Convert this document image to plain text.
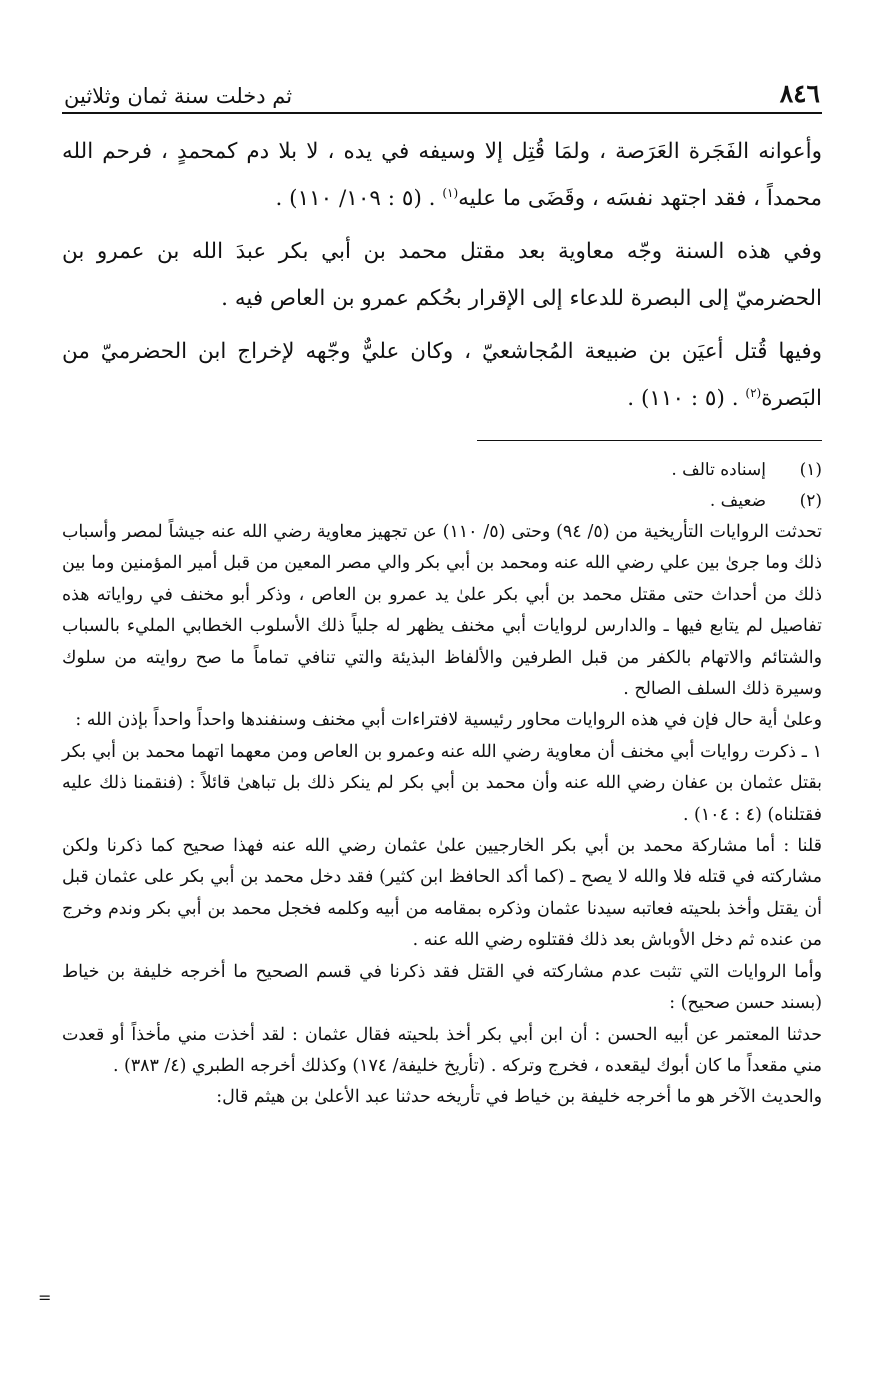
٨٤٦
ثم دخلت سنة ثمان وثلاثين

وأعوانه الفَجَرة العَرَصة ، ولمَا قُتِل إلا وسيفه في يده ، لا بلا دم كمحمدٍ ، فرحم الله محمداً ، فقد اجتهد نفسَه ، وقَضَى ما عليه$^{(١)}$ . (٥ : ١٠٩/ ١١٠) .

وفي هذه السنة وجّه معاوية بعد مقتل محمد بن أبي بكر عبدَ الله بن عمرو بن الحضرميّ إلى البصرة للدعاء إلى الإقرار بحُكم عمرو بن العاص فيه .

وفيها قُتل أعيَن بن ضبيعة المُجاشعيّ ، وكان عليٌّ وجّهه لإخراج ابن الحضرميّ من البَصرة$^{(٢)}$ . (٥ : ١١٠) .

(١)
إسناده تالف .
(٢)
ضعيف .

تحدثت الروايات التأريخية من (٥/ ٩٤) وحتى (٥/ ١١٠) عن تجهيز معاوية رضي الله عنه جيشاً لمصر وأسباب ذلك وما جرىٰ بين علي رضي الله عنه ومحمد بن أبي بكر والي مصر المعين من قبل أمير المؤمنين وما بين ذلك من أحداث حتى مقتل محمد بن أبي بكر علىٰ يد عمرو بن العاص ، وذكر أبو مخنف في رواياته هذه تفاصيل لم يتابع فيها ـ والدارس لروايات أبي مخنف يظهر له جلياً ذلك الأسلوب الخطابي المليء بالسباب والشتائم والاتهام بالكفر من قبل الطرفين والألفاظ البذيئة والتي تنافي تماماً ما صح روايته من سلوك وسيرة ذلك السلف الصالح .

وعلىٰ أية حال فإن في هذه الروايات محاور رئيسية لافتراءات أبي مخنف وسنفندها واحداً واحداً بإذن الله :

١ ـ ذكرت روايات أبي مخنف أن معاوية رضي الله عنه وعمرو بن العاص ومن معهما اتهما محمد بن أبي بكر بقتل عثمان بن عفان رضي الله عنه وأن محمد بن أبي بكر لم ينكر ذلك بل تباهىٰ قائلاً : (فنقمنا ذلك عليه فقتلناه) (٤ : ١٠٤) .

قلنا : أما مشاركة محمد بن أبي بكر الخارجيين علىٰ عثمان رضي الله عنه فهذا صحيح كما ذكرنا ولكن مشاركته في قتله فلا والله لا يصح ـ (كما أكد الحافظ ابن كثير) فقد دخل محمد بن أبي بكر على عثمان قبل أن يقتل وأخذ بلحيته فعاتبه سيدنا عثمان وذكره بمقامه من أبيه وكلمه فخجل محمد بن أبي بكر وندم وخرج من عنده ثم دخل الأوباش بعد ذلك فقتلوه رضي الله عنه .

وأما الروايات التي تثبت عدم مشاركته في القتل فقد ذكرنا في قسم الصحيح ما أخرجه خليفة بن خياط (بسند حسن صحيح) :

حدثنا المعتمر عن أبيه الحسن : أن ابن أبي بكر أخذ بلحيته فقال عثمان : لقد أخذت مني مأخذاً أو قعدت مني مقعداً ما كان أبوك ليقعده ، فخرج وتركه . (تأريخ خليفة/ ١٧٤) وكذلك أخرجه الطبري (٤/ ٣٨٣) .

والحديث الآخر هو ما أخرجه خليفة بن خياط في تأريخه حدثنا عبد الأعلىٰ بن هيثم قال:

=
